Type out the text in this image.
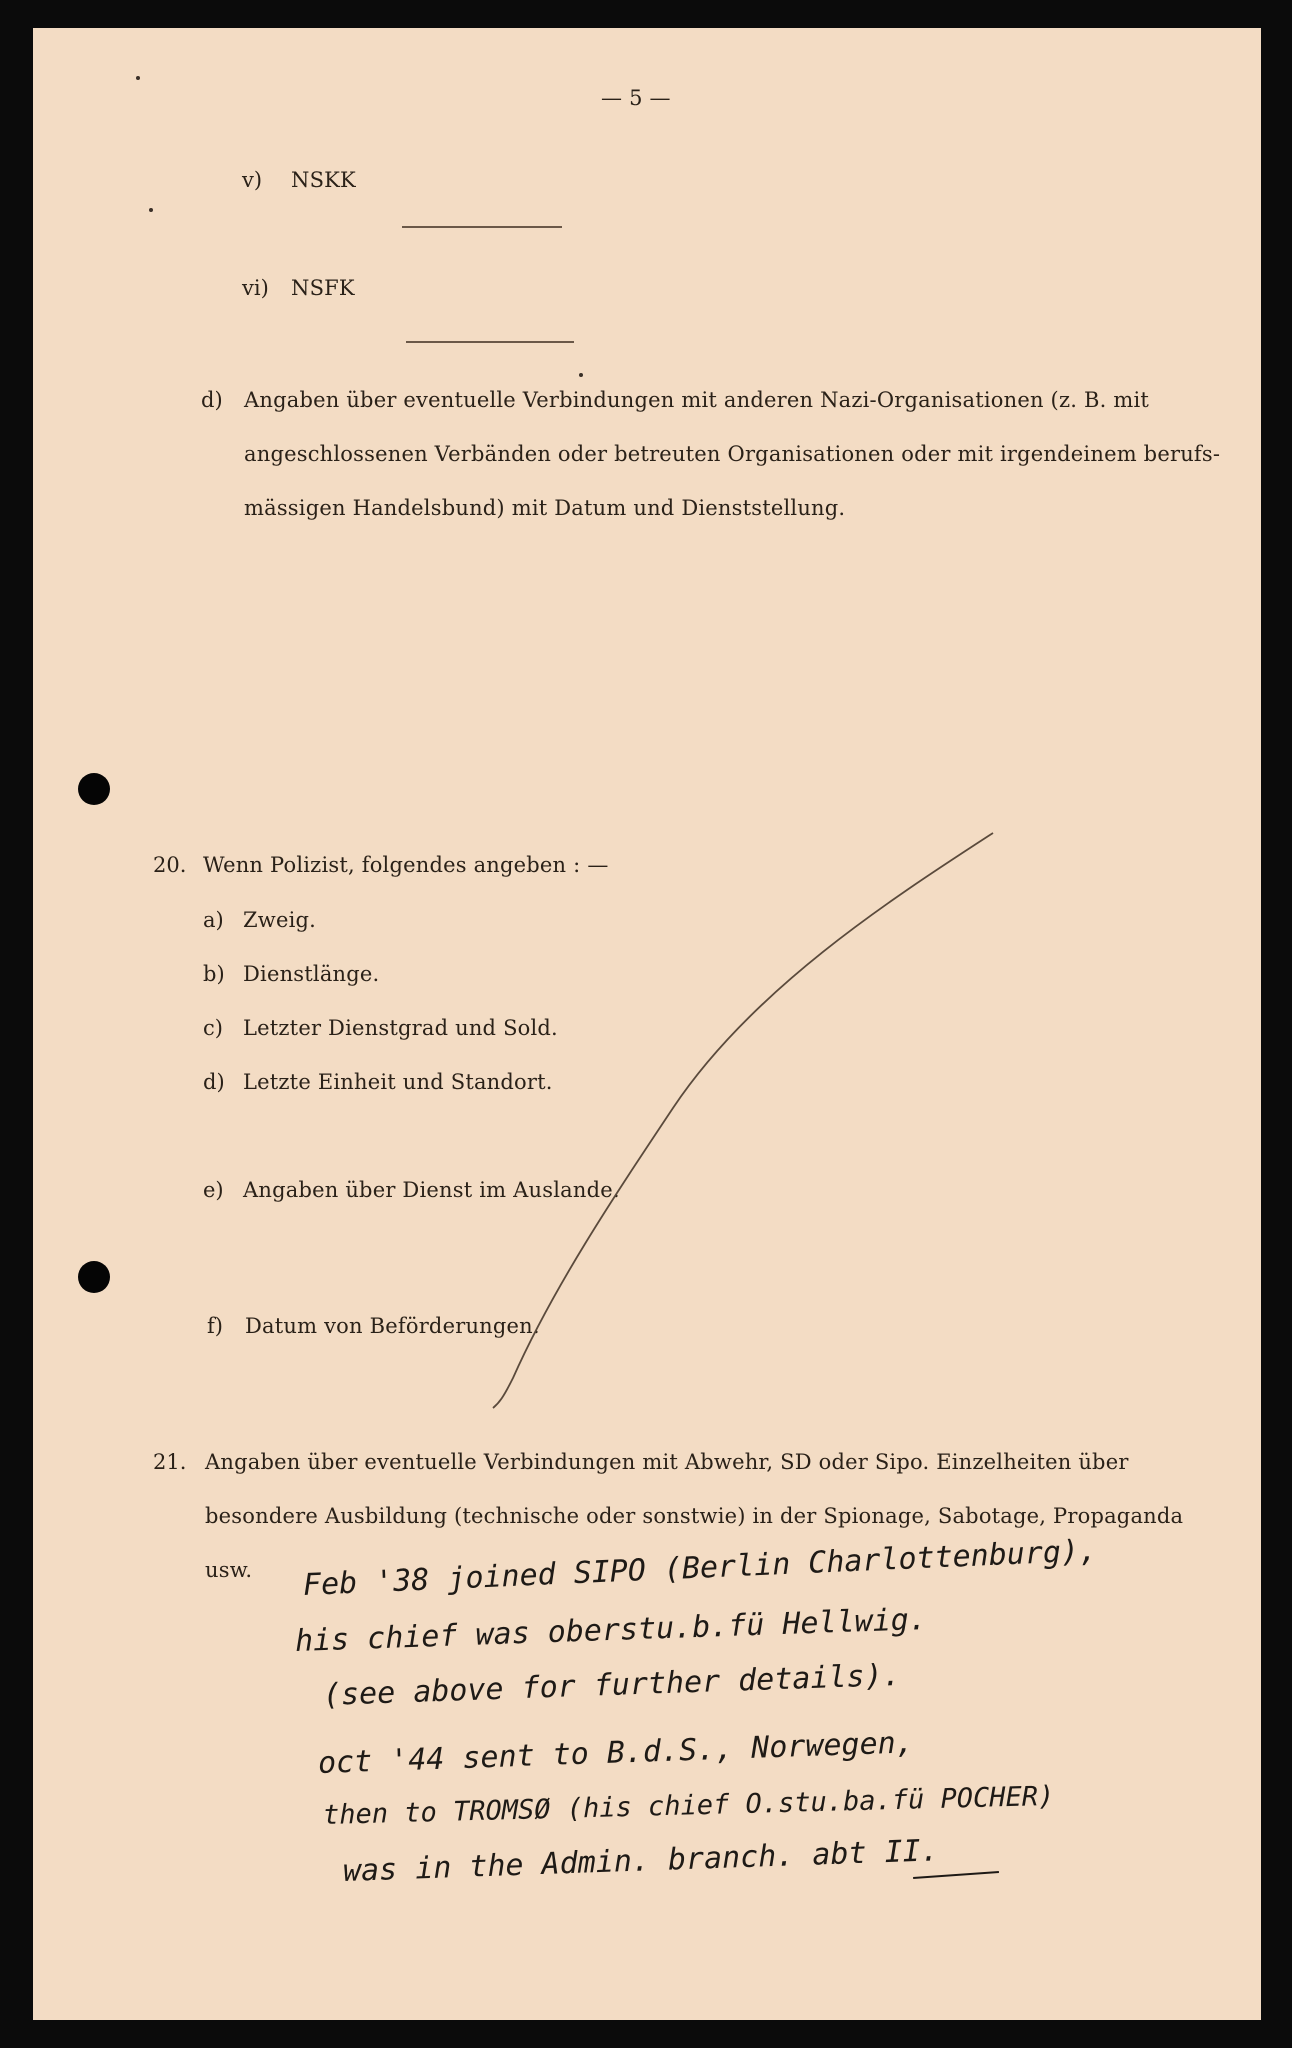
— 5 —
v) NSKK
vi) NSFK
d) Angaben über eventuelle Verbindungen mit anderen Nazi-Organisationen (z. B. mit
angeschlossenen Verbänden oder betreuten Organisationen oder mit irgendeinem berufs-
mässigen Handelsbund) mit Datum und Dienststellung.
20. Wenn Polizist, folgendes angeben : —
a) Zweig.
b) Dienstlänge.
c) Letzter Dienstgrad und Sold.
d) Letzte Einheit und Standort.
e) Angaben über Dienst im Auslande.
f) Datum von Beförderungen.
21. Angaben über eventuelle Verbindungen mit Abwehr, SD oder Sipo. Einzelheiten über
besondere Ausbildung (technische oder sonstwie) in der Spionage, Sabotage, Propaganda
usw. Feb '38 joined SIPO (Berlin Charlottenburg),
his chief was oberstu.b.fü Hellwig.
(see above for further details).
oct '44 sent to B.d.S., Norwegen,
then to TROMSØ (his chief O.stu.ba.fü POCHER)
was in the Admin. branch. abt II.
